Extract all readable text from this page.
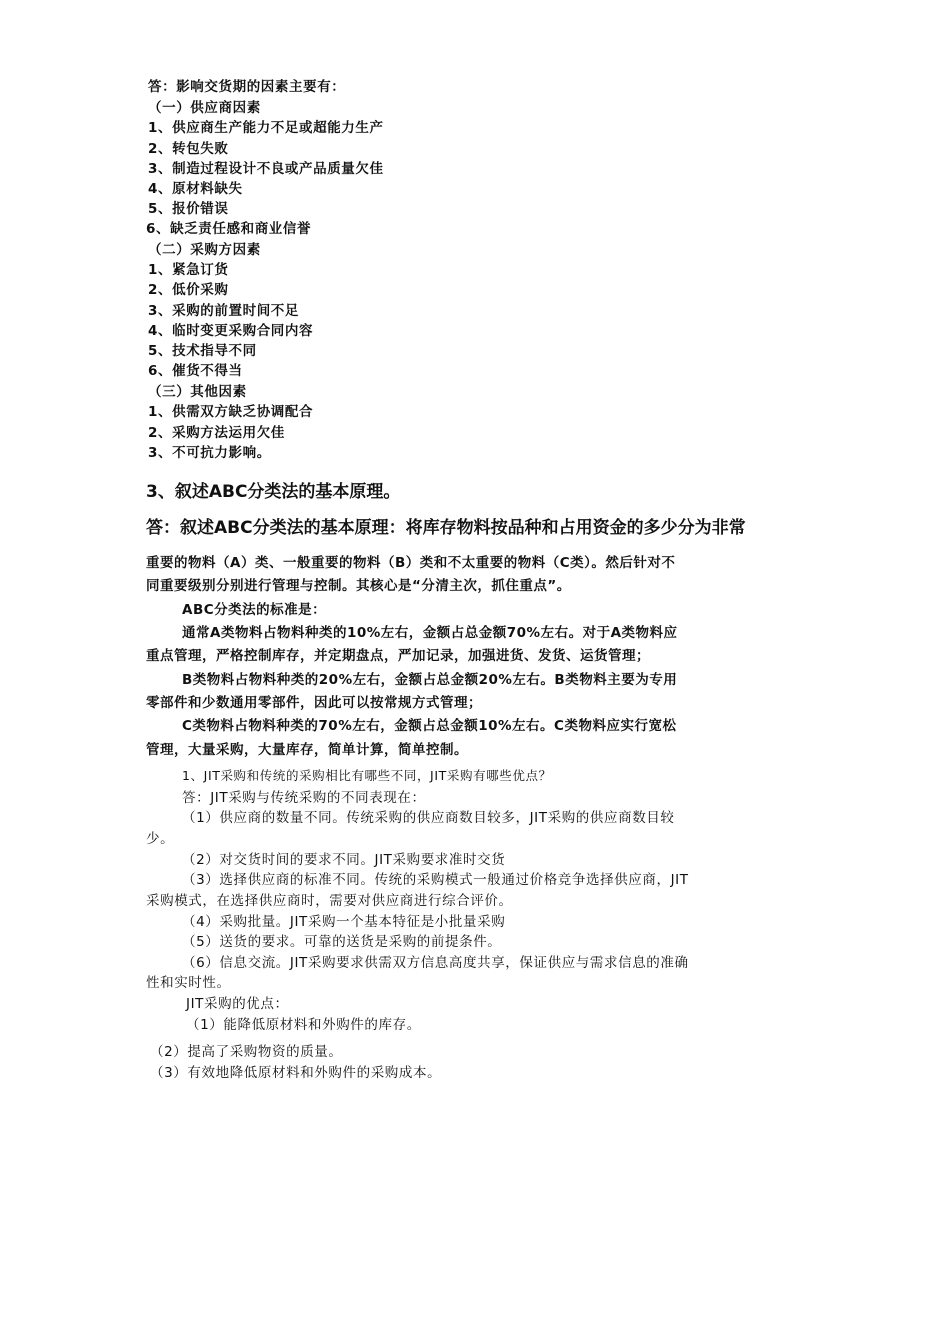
答：影响交货期的因素主要有：

（一）供应商因素

1、供应商生产能力不足或超能力生产

2、转包失败

3、制造过程设计不良或产品质量欠佳

4、原材料缺失

5、报价错误

6、缺乏责任感和商业信誉

（二）采购方因素

1、紧急订货

2、低价采购

3、采购的前置时间不足

4、临时变更采购合同内容

5、技术指导不同

6、催货不得当

（三）其他因素

1、供需双方缺乏协调配合

2、采购方法运用欠佳

3、不可抗力影响。

3、叙述ABC分类法的基本原理。

答：叙述ABC分类法的基本原理：将库存物料按品种和占用资金的多少分为非常

重要的物料（A）类、一般重要的物料（B）类和不太重要的物料（C类）。然后针对不

同重要级别分别进行管理与控制。其核心是“分清主次，抓住重点”。

ABC分类法的标准是：

通常A类物料占物料种类的10%左右，金额占总金额70%左右。对于A类物料应

重点管理，严格控制库存，并定期盘点，严加记录，加强进货、发货、运货管理；

B类物料占物料种类的20%左右，金额占总金额20%左右。B类物料主要为专用

零部件和少数通用零部件，因此可以按常规方式管理；

C类物料占物料种类的70%左右，金额占总金额10%左右。C类物料应实行宽松

管理，大量采购，大量库存，简单计算，简单控制。

1、JIT采购和传统的采购相比有哪些不同，JIT采购有哪些优点？

答：JIT采购与传统采购的不同表现在：

（1）供应商的数量不同。传统采购的供应商数目较多，JIT采购的供应商数目较

少。

（2）对交货时间的要求不同。JIT采购要求准时交货

（3）选择供应商的标准不同。传统的采购模式一般通过价格竞争选择供应商，JIT

采购模式，在选择供应商时，需要对供应商进行综合评价。

（4）采购批量。JIT采购一个基本特征是小批量采购

（5）送货的要求。可靠的送货是采购的前提条件。

（6）信息交流。JIT采购要求供需双方信息高度共享，保证供应与需求信息的准确

性和实时性。

JIT采购的优点：

（1）能降低原材料和外购件的库存。

（2）提高了采购物资的质量。

（3）有效地降低原材料和外购件的采购成本。
